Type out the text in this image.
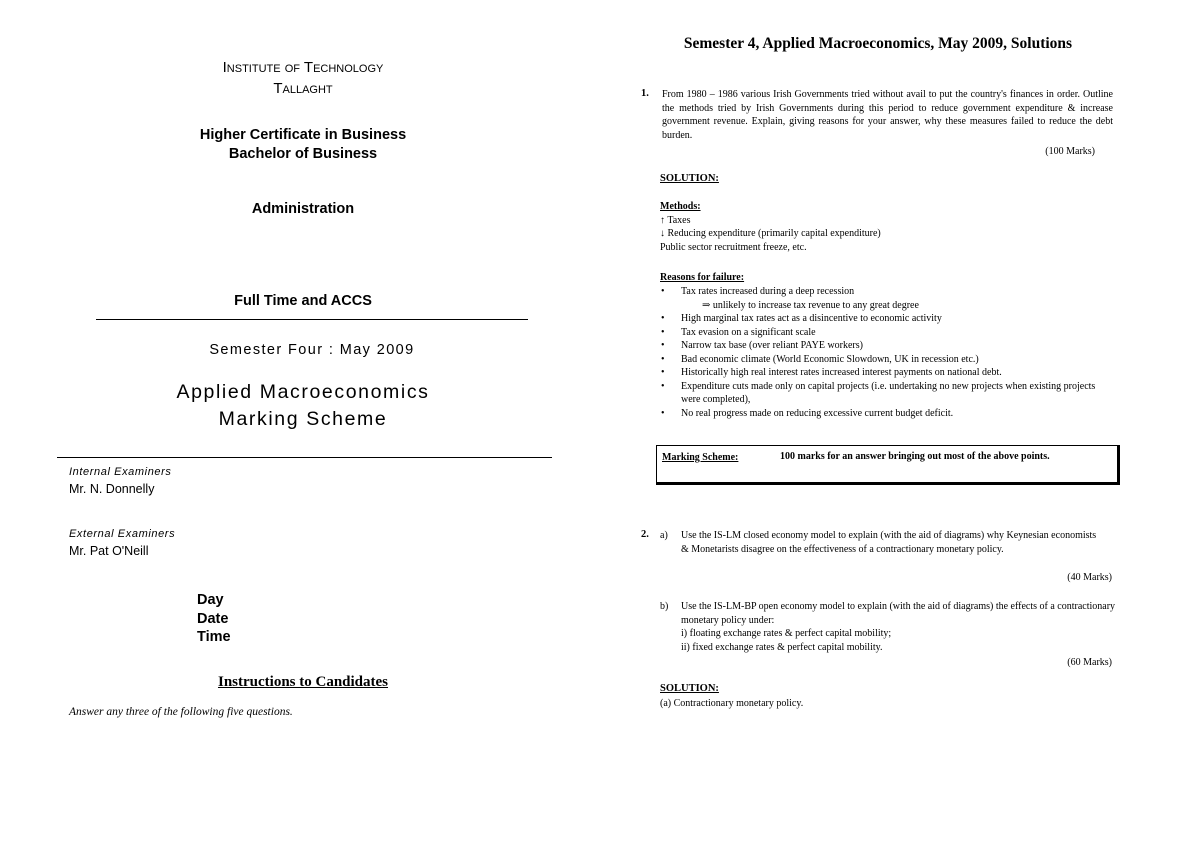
Institute of Technology
Tallaght
Higher Certificate in Business
Bachelor of Business
Administration
Full Time and ACCS
Semester Four : May 2009
Applied Macroeconomics
Marking Scheme
Internal Examiners
Mr. N. Donnelly
External Examiners
Mr. Pat O'Neill
Day
Date
Time
Instructions to Candidates
Answer any three of the following five questions.
Semester 4, Applied Macroeconomics, May 2009, Solutions
1. From 1980 – 1986 various Irish Governments tried without avail to put the country's finances in order. Outline the methods tried by Irish Governments during this period to reduce government expenditure & increase government revenue. Explain, giving reasons for your answer, why these measures failed to reduce the debt burden.
(100 Marks)
SOLUTION:
Methods:
↑ Taxes
↓ Reducing expenditure (primarily capital expenditure)
Public sector recruitment freeze, etc.
Reasons for failure:
• Tax rates increased during a deep recession
⇒ unlikely to increase tax revenue to any great degree
• High marginal tax rates act as a disincentive to economic activity
• Tax evasion on a significant scale
• Narrow tax base (over reliant PAYE workers)
• Bad economic climate (World Economic Slowdown, UK in recession etc.)
• Historically high real interest rates increased interest payments on national debt.
• Expenditure cuts made only on capital projects (i.e. undertaking no new projects when existing projects were completed),
• No real progress made on reducing excessive current budget deficit.
Marking Scheme:	100 marks for an answer bringing out most of the above points.
2. a) Use the IS-LM closed economy model to explain (with the aid of diagrams) why Keynesian economists & Monetarists disagree on the effectiveness of a contractionary monetary policy.
(40 Marks)
b) Use the IS-LM-BP open economy model to explain (with the aid of diagrams) the effects of a contractionary monetary policy under:
i) floating exchange rates & perfect capital mobility;
ii) fixed exchange rates & perfect capital mobility.
(60 Marks)
SOLUTION:
(a) Contractionary monetary policy.
